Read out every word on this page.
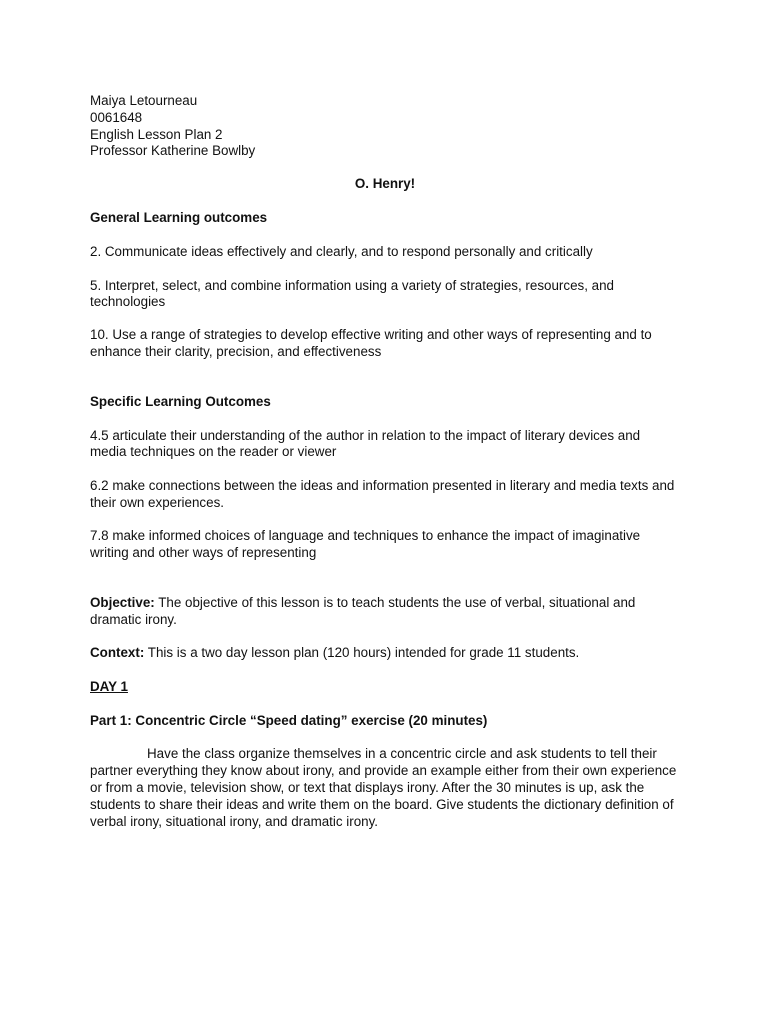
Maiya Letourneau
0061648
English Lesson Plan 2
Professor Katherine Bowlby
O. Henry!
General Learning outcomes

2. Communicate ideas effectively and clearly, and to respond personally and critically

5. Interpret, select, and combine information using a variety of strategies, resources, and technologies

10. Use a range of strategies to develop effective writing and other ways of representing and to enhance their clarity, precision, and effectiveness

Specific Learning Outcomes

4.5 articulate their understanding of the author in relation to the impact of literary devices and media techniques on the reader or viewer

6.2 make connections between the ideas and information presented in literary and media texts and their own experiences.

7.8 make informed choices of language and techniques to enhance the impact of imaginative writing and other ways of representing

Objective: The objective of this lesson is to teach students the use of verbal, situational and dramatic irony.

Context: This is a two day lesson plan (120 hours) intended for grade 11 students.

DAY 1
Part 1: Concentric Circle “Speed dating” exercise (20 minutes)

Have the class organize themselves in a concentric circle and ask students to tell their partner everything they know about irony, and provide an example either from their own experience or from a movie, television show, or text that displays irony. After the 30 minutes is up, ask the students to share their ideas and write them on the board. Give students the dictionary definition of verbal irony, situational irony, and dramatic irony.
